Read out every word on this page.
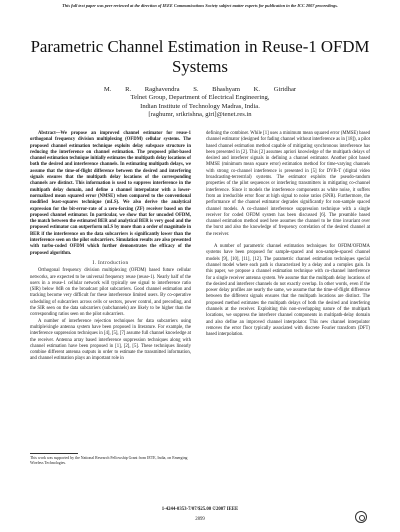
This full text paper was peer reviewed at the direction of IEEE Communications Society subject matter experts for publication in the ICC 2007 proceedings.
Parametric Channel Estimation in Reuse-1 OFDM Systems
M. R. Raghavendra S. Bhashyam K. Giridhar
Telnet Group, Department of Electrical Engineering,
Indian Institute of Technology Madras, India.
[raghumr, srikrishna, giri]@tenet.res.in

Abstract—We propose an improved channel estimator for reuse-1 orthogonal frequency division multiplexing (OFDM) cellular systems. The proposed channel estimation technique exploits delay subspace structure in reducing the interference on channel estimation. The proposed pilot-based channel estimation technique initially estimates the multipath delay locations of both the desired and interference channels. In estimating multipath delays, we assume that the time-of-flight difference between the desired and interfering signals ensures that the multipath delay locations of the corresponding channels are distinct. This information is used to suppress interference in the multipath delay domain, and define a channel interpolator with a lower-normalized mean squared error (NMSE) when compared to the conventional modified least-squares technique (mLS). We also derive the analytical expression for the bit-error-rate of a zero-forcing (ZF) receiver based on the proposed channel estimator. In particular, we show that for uncoded OFDM, the match between the estimated BER and analytical BER is very good and the proposed estimator can outperform mLS by more than a order of magnitude in BER if the interference on the data subcarriers is significantly lower than the interference seen on the pilot subcarriers. Simulation results are also presented with turbo-coded OFDM which further demonstrates the efficacy of the proposed algorithm.

I. Introduction

Orthogonal frequency division multiplexing (OFDM) based future cellular networks, are expected to be universal frequency reuse (reuse-1). Nearly half of the users in a reuse-1 cellular network will typically see signal to interference ratio (SIR) below 0dB on the broadcast pilot subcarriers. Good channel estimation and tracking become very difficult for these interference limited users. By co-operative scheduling of subcarriers across cells or sectors, power control, and precoding, and the SIR seen on the data subcarriers (subchannels) are likely to be higher than the corresponding ratios seen on the pilot subcarriers.

A number of interference rejection techniques for data subcarriers using multiple/single antenna system have been proposed in literature. For example, the interference suppression techniques in [4], [5], [7] assume full channel knowledge at the receiver. Antenna array based interference suppression techniques along with channel estimation have been proposed in [1], [2], [5]. These techniques linearly combine different antenna outputs in order to estimate the transmitted information, and channel estimation plays an important role in

This work was supported by the National Research Fellowship Grant from IETE, India, on Emerging Wireless Technologies.

defining the combiner. While [1] uses a minimum mean squared error (MMSE) based channel estimator (designed for fading channel without interference as in [18]), a pilot based channel estimation method capable of mitigating synchronous interference has been presented in [2]. This [2] assumes apriori knowledge of the multipath delays of desired and interferer signals in defining a channel estimator. Another pilot based MMSE (minimum mean square error) estimation method for time-varying channels with strong co-channel interference is presented in [5] for DVB-T (digital video broadcasting-terrestrial) systems. The estimator exploits the pseudo-random properties of the pilot sequences or interfering transmitters in mitigating co-channel interference. Since it models the interference components as white noise, it suffers from an irreducible error floor at high signal to noise ratios (SNR). Furthermore, the performance of the channel estimator degrades significantly for non-sample spaced channel models. A co-channel interference suppression technique with a single receiver for coded OFDM system has been discussed [6]. The preamble based channel estimation method used here assumes the channel to be time invariant over the burst and also the knowledge of frequency correlation of the desired channel at the receiver.

A number of parametric channel estimation techniques for OFDM/OFDMA systems have been proposed for sample-spaced and non-sample-spaced channel models [9], [10], [11], [12]. The parametric channel estimation techniques special channel model where each path is characterized by a delay and a complex gain. In this paper, we propose a channel estimation technique with co-channel interference for a single receiver antenna system. We assume that the multipath delay locations of the desired and interferer channels do not exactly overlap. In other words, even if the power delay profiles are nearly the same, we assume that the time-of-flight difference between the different signals ensures that the multipath locations are distinct. The proposed method estimates the multipath delays of both the desired and interfering channels at the receiver. Exploiting this non-overlapping nature of the multipath locations, we suppress the interferer channel components in multipath-delay domain and also define an improved channel interpolator. This new channel interpolator removes the error floor typically associated with discrete Fourier transform (DFT) based interpolation.

1-4244-0353-7/07/$25.00 ©2007 IEEE
2899
